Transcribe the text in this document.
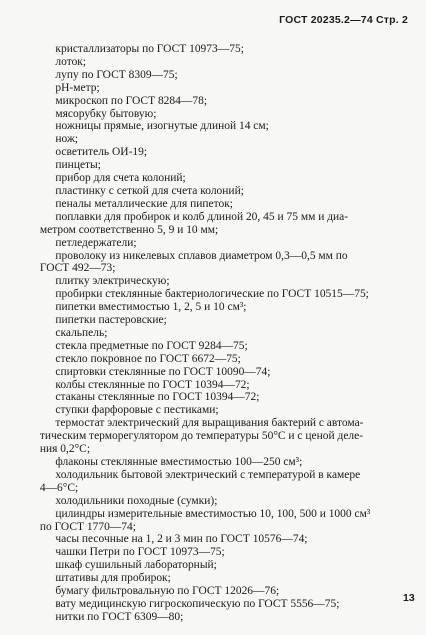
ГОСТ 20235.2—74 Стр. 2
кристаллизаторы по ГОСТ 10973—75;
лоток;
лупу по ГОСТ 8309—75;
pH-метр;
микроскоп по ГОСТ 8284—78;
мясорубку бытовую;
ножницы прямые, изогнутые длиной 14 см;
нож;
осветитель ОИ-19;
пинцеты;
прибор для счета колоний;
пластинку с сеткой для счета колоний;
пеналы металлические для пипеток;
поплавки для пробирок и колб длиной 20, 45 и 75 мм и диа-
метром соответственно 5, 9 и 10 мм;
петледержатели;
проволоку из никелевых сплавов диаметром 0,3—0,5 мм по
ГОСТ 492—73;
плитку электрическую;
пробирки стеклянные бактериологические по ГОСТ 10515—75;
пипетки вместимостью 1, 2, 5 и 10 см³;
пипетки пастеровские;
скальпель;
стекла предметные по ГОСТ 9284—75;
стекло покровное по ГОСТ 6672—75;
спиртовки стеклянные по ГОСТ 10090—74;
колбы стеклянные по ГОСТ 10394—72;
стаканы стеклянные по ГОСТ 10394—72;
ступки фарфоровые с пестиками;
термостат электрический для выращивания бактерий с автома-
тическим терморегулятором до температуры 50°С и с ценой деле-
ния 0,2°С;
флаконы стеклянные вместимостью 100—250 см³;
холодильник бытовой электрический с температурой в камере
4—6°С;
холодильники походные (сумки);
цилиндры измерительные вместимостью 10, 100, 500 и 1000 см³
по ГОСТ 1770—74;
часы песочные на 1, 2 и 3 мин по ГОСТ 10576—74;
чашки Петри по ГОСТ 10973—75;
шкаф сушильный лабораторный;
штативы для пробирок;
бумагу фильтровальную по ГОСТ 12026—76;
вату медицинскую гигроскопическую по ГОСТ 5556—75;
нитки по ГОСТ 6309—80;
13
